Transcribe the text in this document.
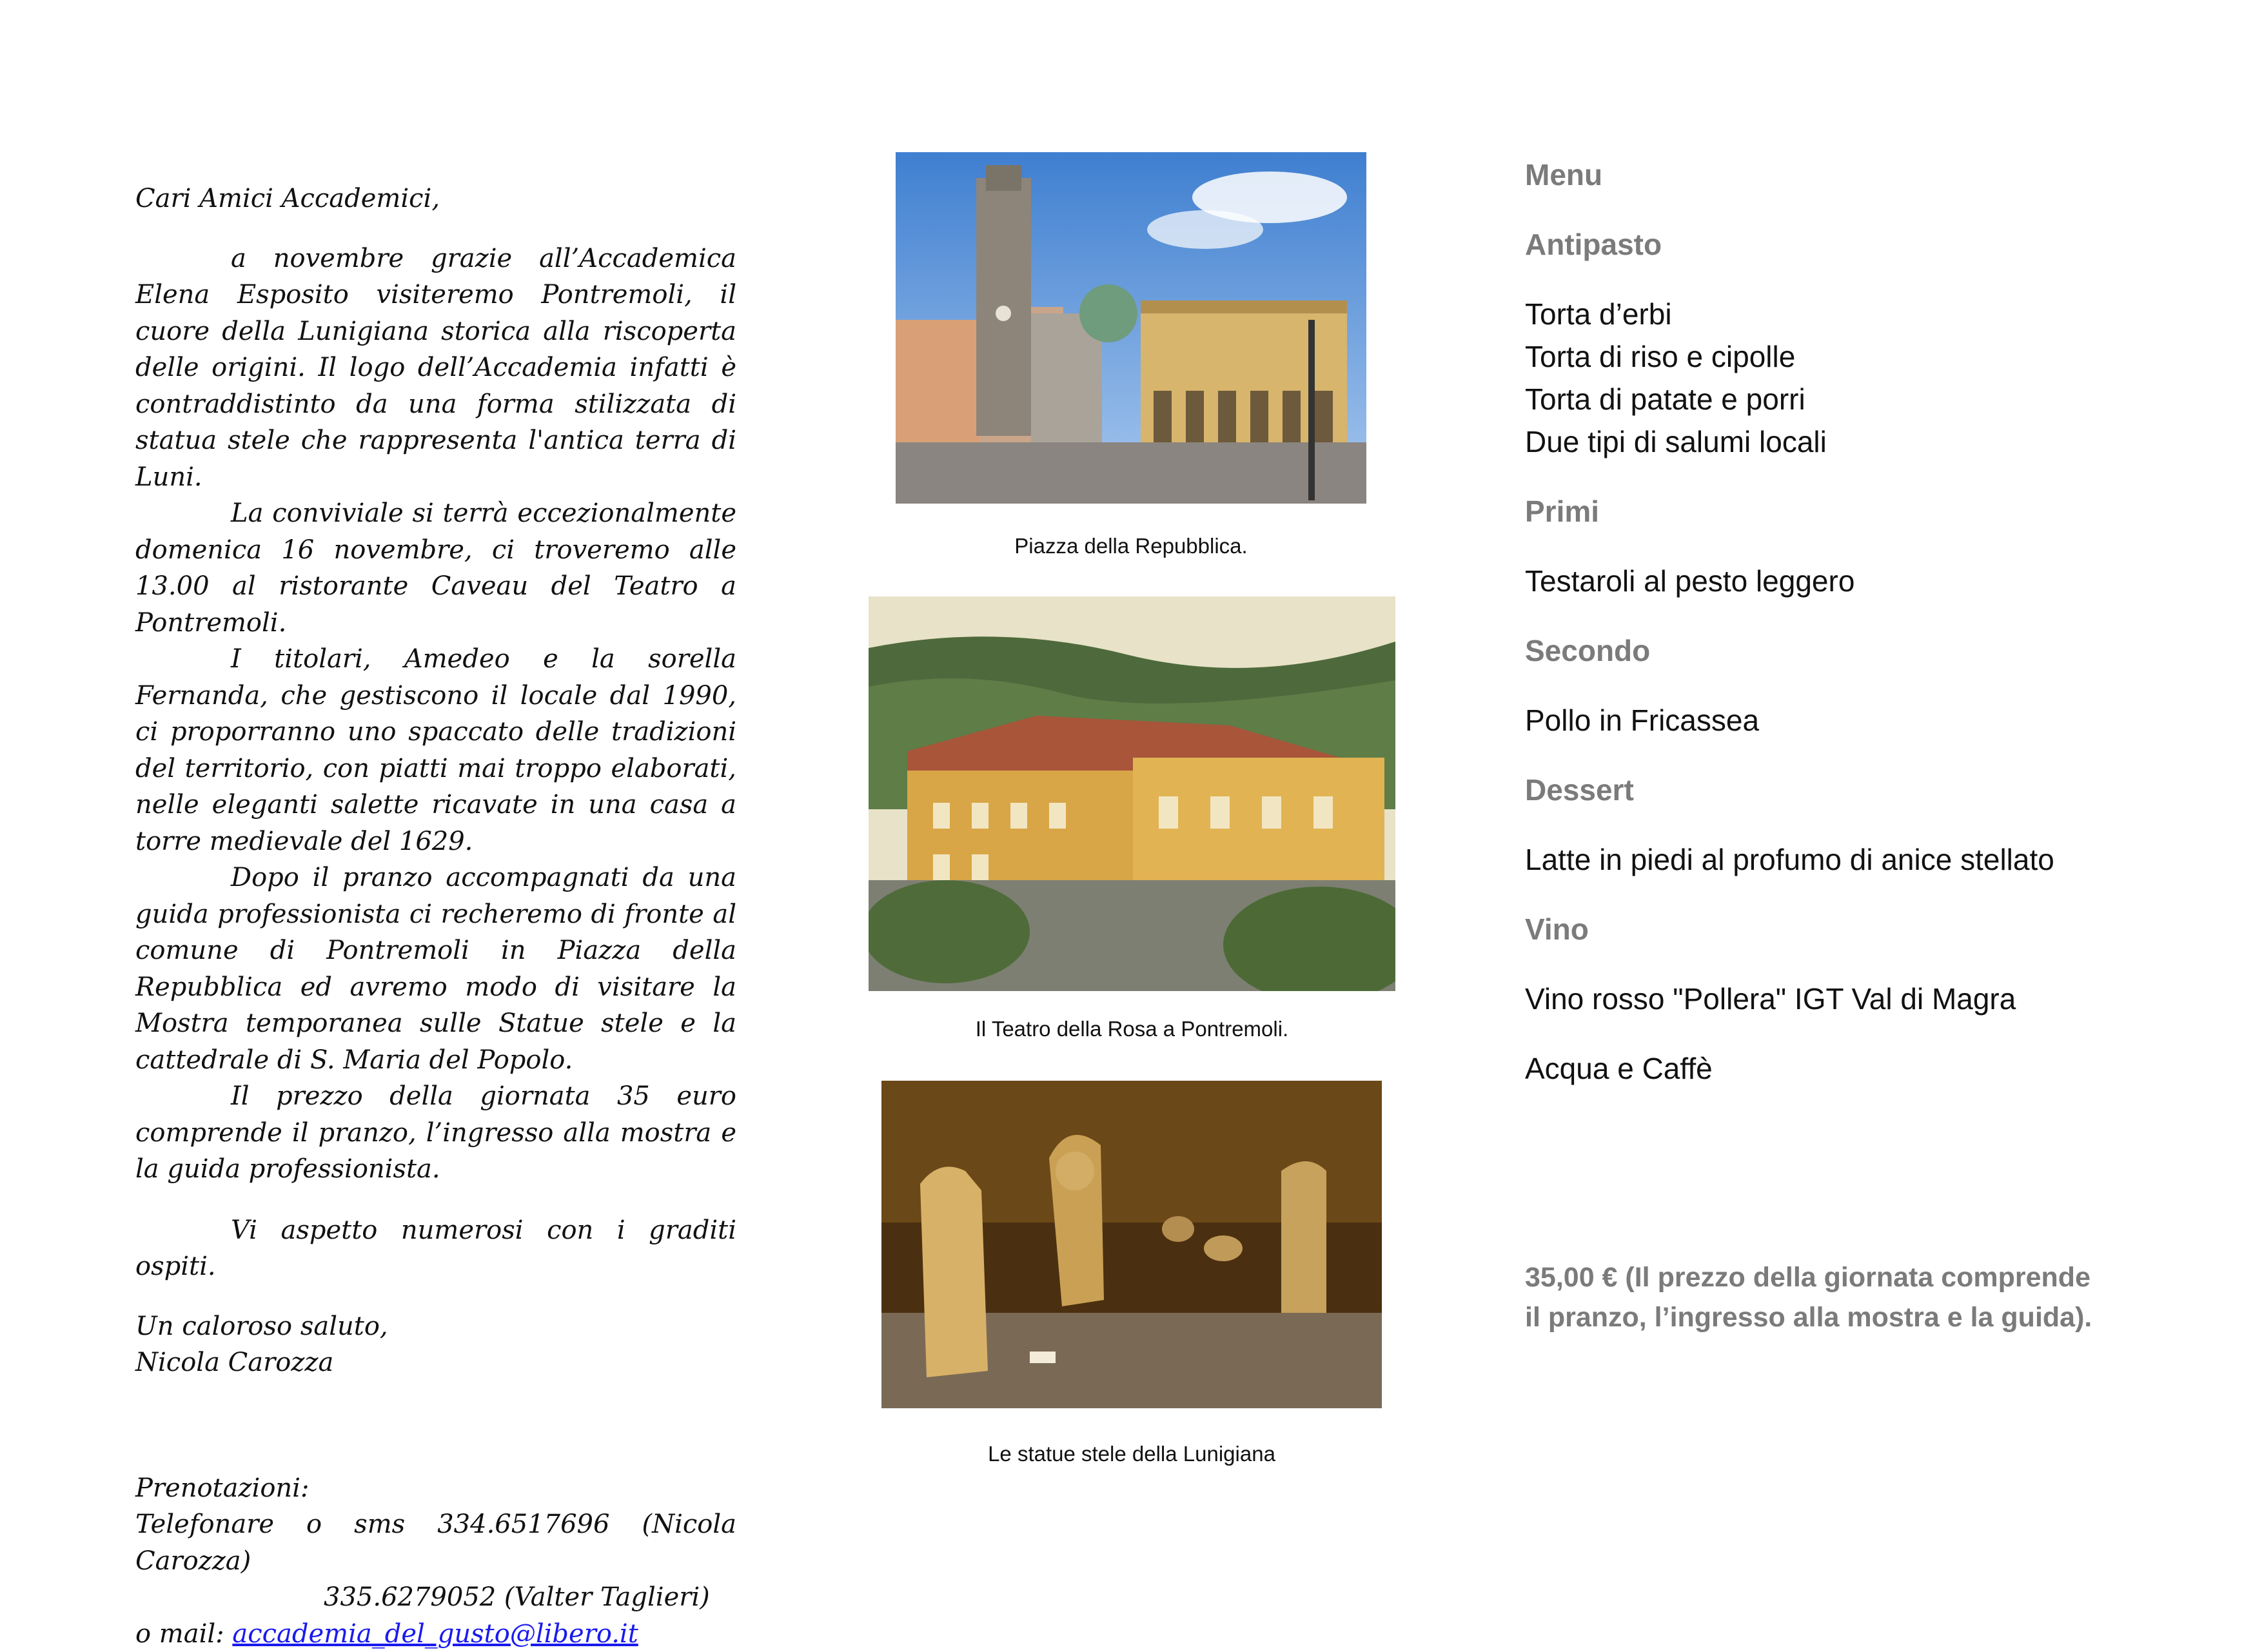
Cari Amici Accademici,

a novembre grazie all’Accademica Elena Esposito visiteremo Pontremoli, il cuore della Lunigiana storica alla riscoperta delle origini. Il logo dell’Accademia infatti è contraddistinto da una forma stilizzata di statua stele che rappresenta l'antica terra di Luni.

La conviviale si terrà eccezionalmente domenica 16 novembre, ci troveremo alle 13.00 al ristorante Caveau del Teatro a Pontremoli.

I titolari, Amedeo e la sorella Fernanda, che gestiscono il locale dal 1990, ci proporranno uno spaccato delle tradizioni del territorio, con piatti mai troppo elaborati, nelle eleganti salette ricavate in una casa a torre medievale del 1629.

Dopo il pranzo accompagnati da una guida professionista ci recheremo di fronte al comune di Pontremoli in Piazza della Repubblica ed avremo modo di visitare la Mostra temporanea sulle Statue stele e la cattedrale di S. Maria del Popolo.

Il prezzo della giornata 35 euro comprende il pranzo, l’ingresso alla mostra e la guida professionista.

Vi aspetto numerosi con i graditi ospiti.

Un caloroso saluto,

Nicola Carozza

Prenotazioni:

Telefonare o sms 334.6517696 (Nicola Carozza)

335.6279052 (Valter Taglieri)

o mail: accademia_del_gusto@libero.it

Piazza della Repubblica.
Il Teatro della Rosa a Pontremoli.
Le statue stele della Lunigiana

Menu

Antipasto

Torta d’erbi

Torta di riso e cipolle

Torta di patate e porri

Due tipi di salumi locali

Primi

Testaroli al pesto leggero

Secondo

Pollo in Fricassea

Dessert

Latte in piedi al profumo di anice stellato

Vino

Vino rosso "Pollera" IGT Val di Magra

Acqua e Caffè

35,00 € (Il prezzo della giornata comprende
il pranzo, l’ingresso alla mostra e la guida).
